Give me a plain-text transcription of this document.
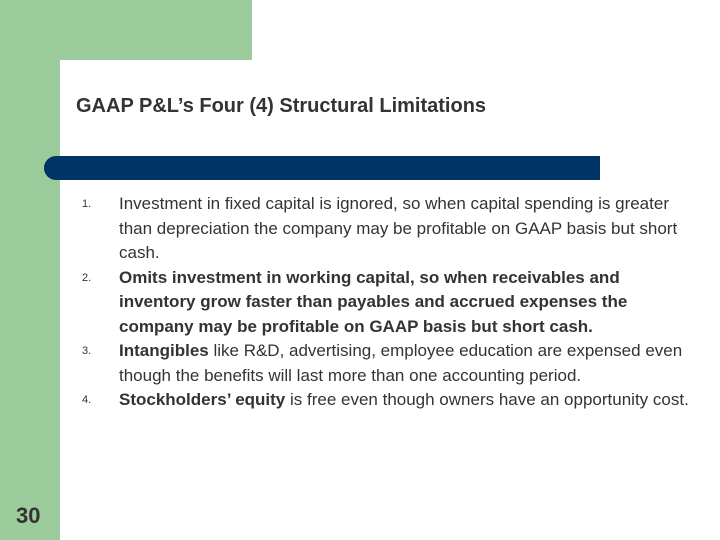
GAAP P&L’s Four (4) Structural Limitations
1.	Investment in fixed capital is ignored, so when capital spending is greater than depreciation the company may be profitable on GAAP basis but short cash.
2.	Omits investment in working capital, so when receivables and inventory grow faster than payables and accrued expenses the company may be profitable on GAAP basis but short cash.
3.	Intangibles like R&D, advertising, employee education are expensed even though the benefits will last more than one accounting period.
4.	Stockholders’ equity is free even though owners have an opportunity cost.
30
